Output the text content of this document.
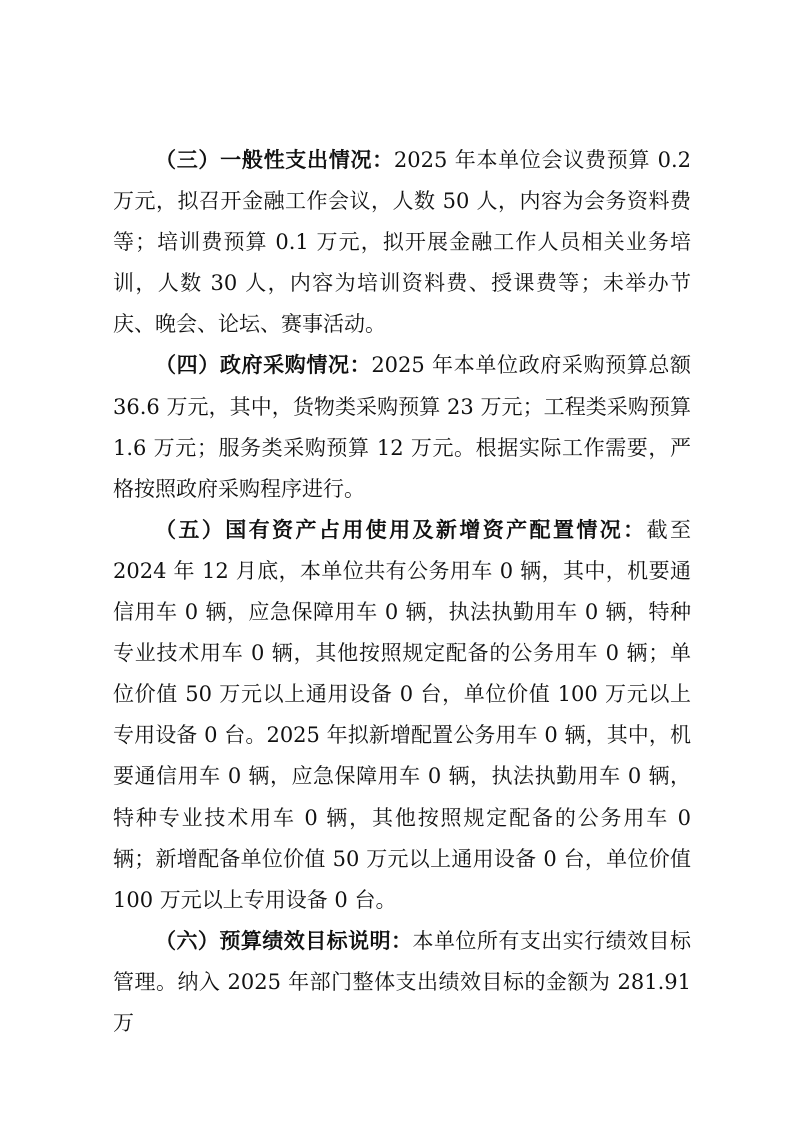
（三）一般性支出情况：2025 年本单位会议费预算 0.2 万元，拟召开金融工作会议，人数 50 人，内容为会务资料费等；培训费预算 0.1 万元，拟开展金融工作人员相关业务培训，人数 30 人，内容为培训资料费、授课费等；未举办节庆、晚会、论坛、赛事活动。

（四）政府采购情况：2025 年本单位政府采购预算总额 36.6 万元，其中，货物类采购预算 23 万元；工程类采购预算 1.6 万元；服务类采购预算 12 万元。根据实际工作需要，严格按照政府采购程序进行。

（五）国有资产占用使用及新增资产配置情况：截至 2024 年 12 月底，本单位共有公务用车 0 辆，其中，机要通信用车 0 辆，应急保障用车 0 辆，执法执勤用车 0 辆，特种专业技术用车 0 辆，其他按照规定配备的公务用车 0 辆；单位价值 50 万元以上通用设备 0 台，单位价值 100 万元以上专用设备 0 台。2025 年拟新增配置公务用车 0 辆，其中，机要通信用车 0 辆，应急保障用车 0 辆，执法执勤用车 0 辆，特种专业技术用车 0 辆，其他按照规定配备的公务用车 0 辆；新增配备单位价值 50 万元以上通用设备 0 台，单位价值 100 万元以上专用设备 0 台。

（六）预算绩效目标说明：本单位所有支出实行绩效目标管理。纳入 2025 年部门整体支出绩效目标的金额为 281.91 万
